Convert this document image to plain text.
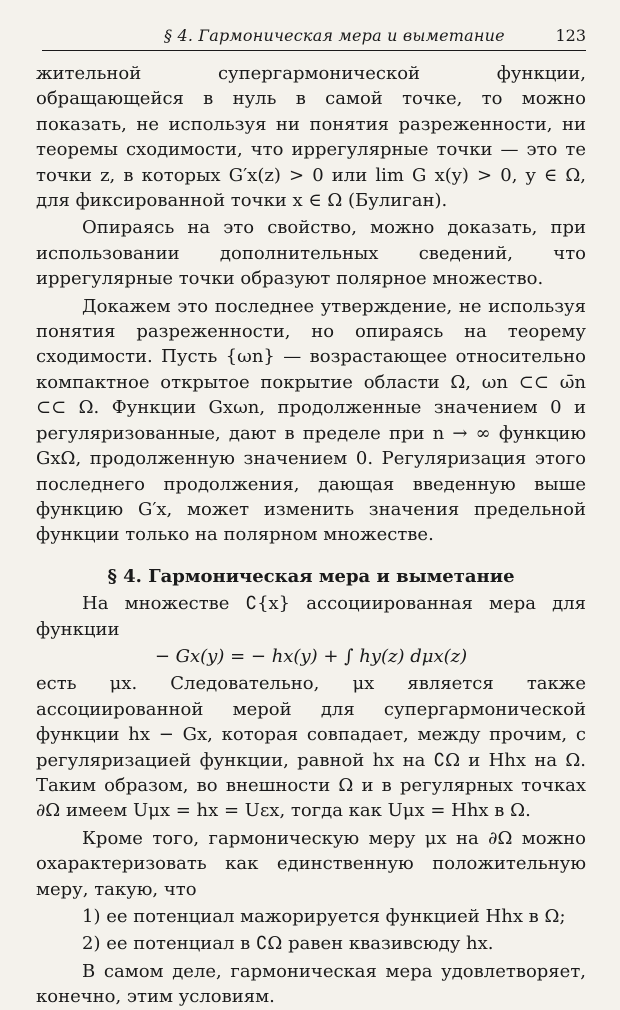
§ 4. Гармоническая мера и выметание	123

жительной супергармонической функции, обращающейся в нуль в самой точке, то можно показать, не используя ни понятия разреженности, ни теоремы сходимости, что иррегулярные точки — это те точки z, в которых G′x(z) > 0 или lim G x(y) > 0, y ∈ Ω, для фиксированной точки x ∈ Ω (Булиган).

Опираясь на это свойство, можно доказать, при использовании дополнительных сведений, что иррегулярные точки образуют полярное множество.

Докажем это последнее утверждение, не используя понятия разреженности, но опираясь на теорему сходимости. Пусть {ωn} — возрастающее относительно компактное открытое покрытие области Ω, ωn ⊂⊂ ω̄n ⊂⊂ Ω. Функции Gxωn, продолженные значением 0 и регуляризованные, дают в пределе при n → ∞ функцию GxΩ, продолженную значением 0. Регуляризация этого последнего продолжения, дающая введенную выше функцию G′x, может изменить значения предельной функции только на полярном множестве.

§ 4. Гармоническая мера и выметание

На множестве ∁{x} ассоциированная мера для функции

− Gx(y) = − hx(y) + ∫ hy(z) dμx(z)

есть μx. Следовательно, μx является также ассоциированной мерой для супергармонической функции hx − Gx, которая совпадает, между прочим, с регуляризацией функции, равной hx на ∁Ω и Hhx на Ω. Таким образом, во внешности Ω и в регулярных точках ∂Ω имеем Uμx = hx = Uεx, тогда как Uμx = Hhx в Ω.

Кроме того, гармоническую меру μx на ∂Ω можно охарактеризовать как единственную положительную меру, такую, что

1) ее потенциал мажорируется функцией Hhx в Ω;

2) ее потенциал в ∁Ω равен квазивсюду hx.

В самом деле, гармоническая мера удовлетворяет, конечно, этим условиям.
